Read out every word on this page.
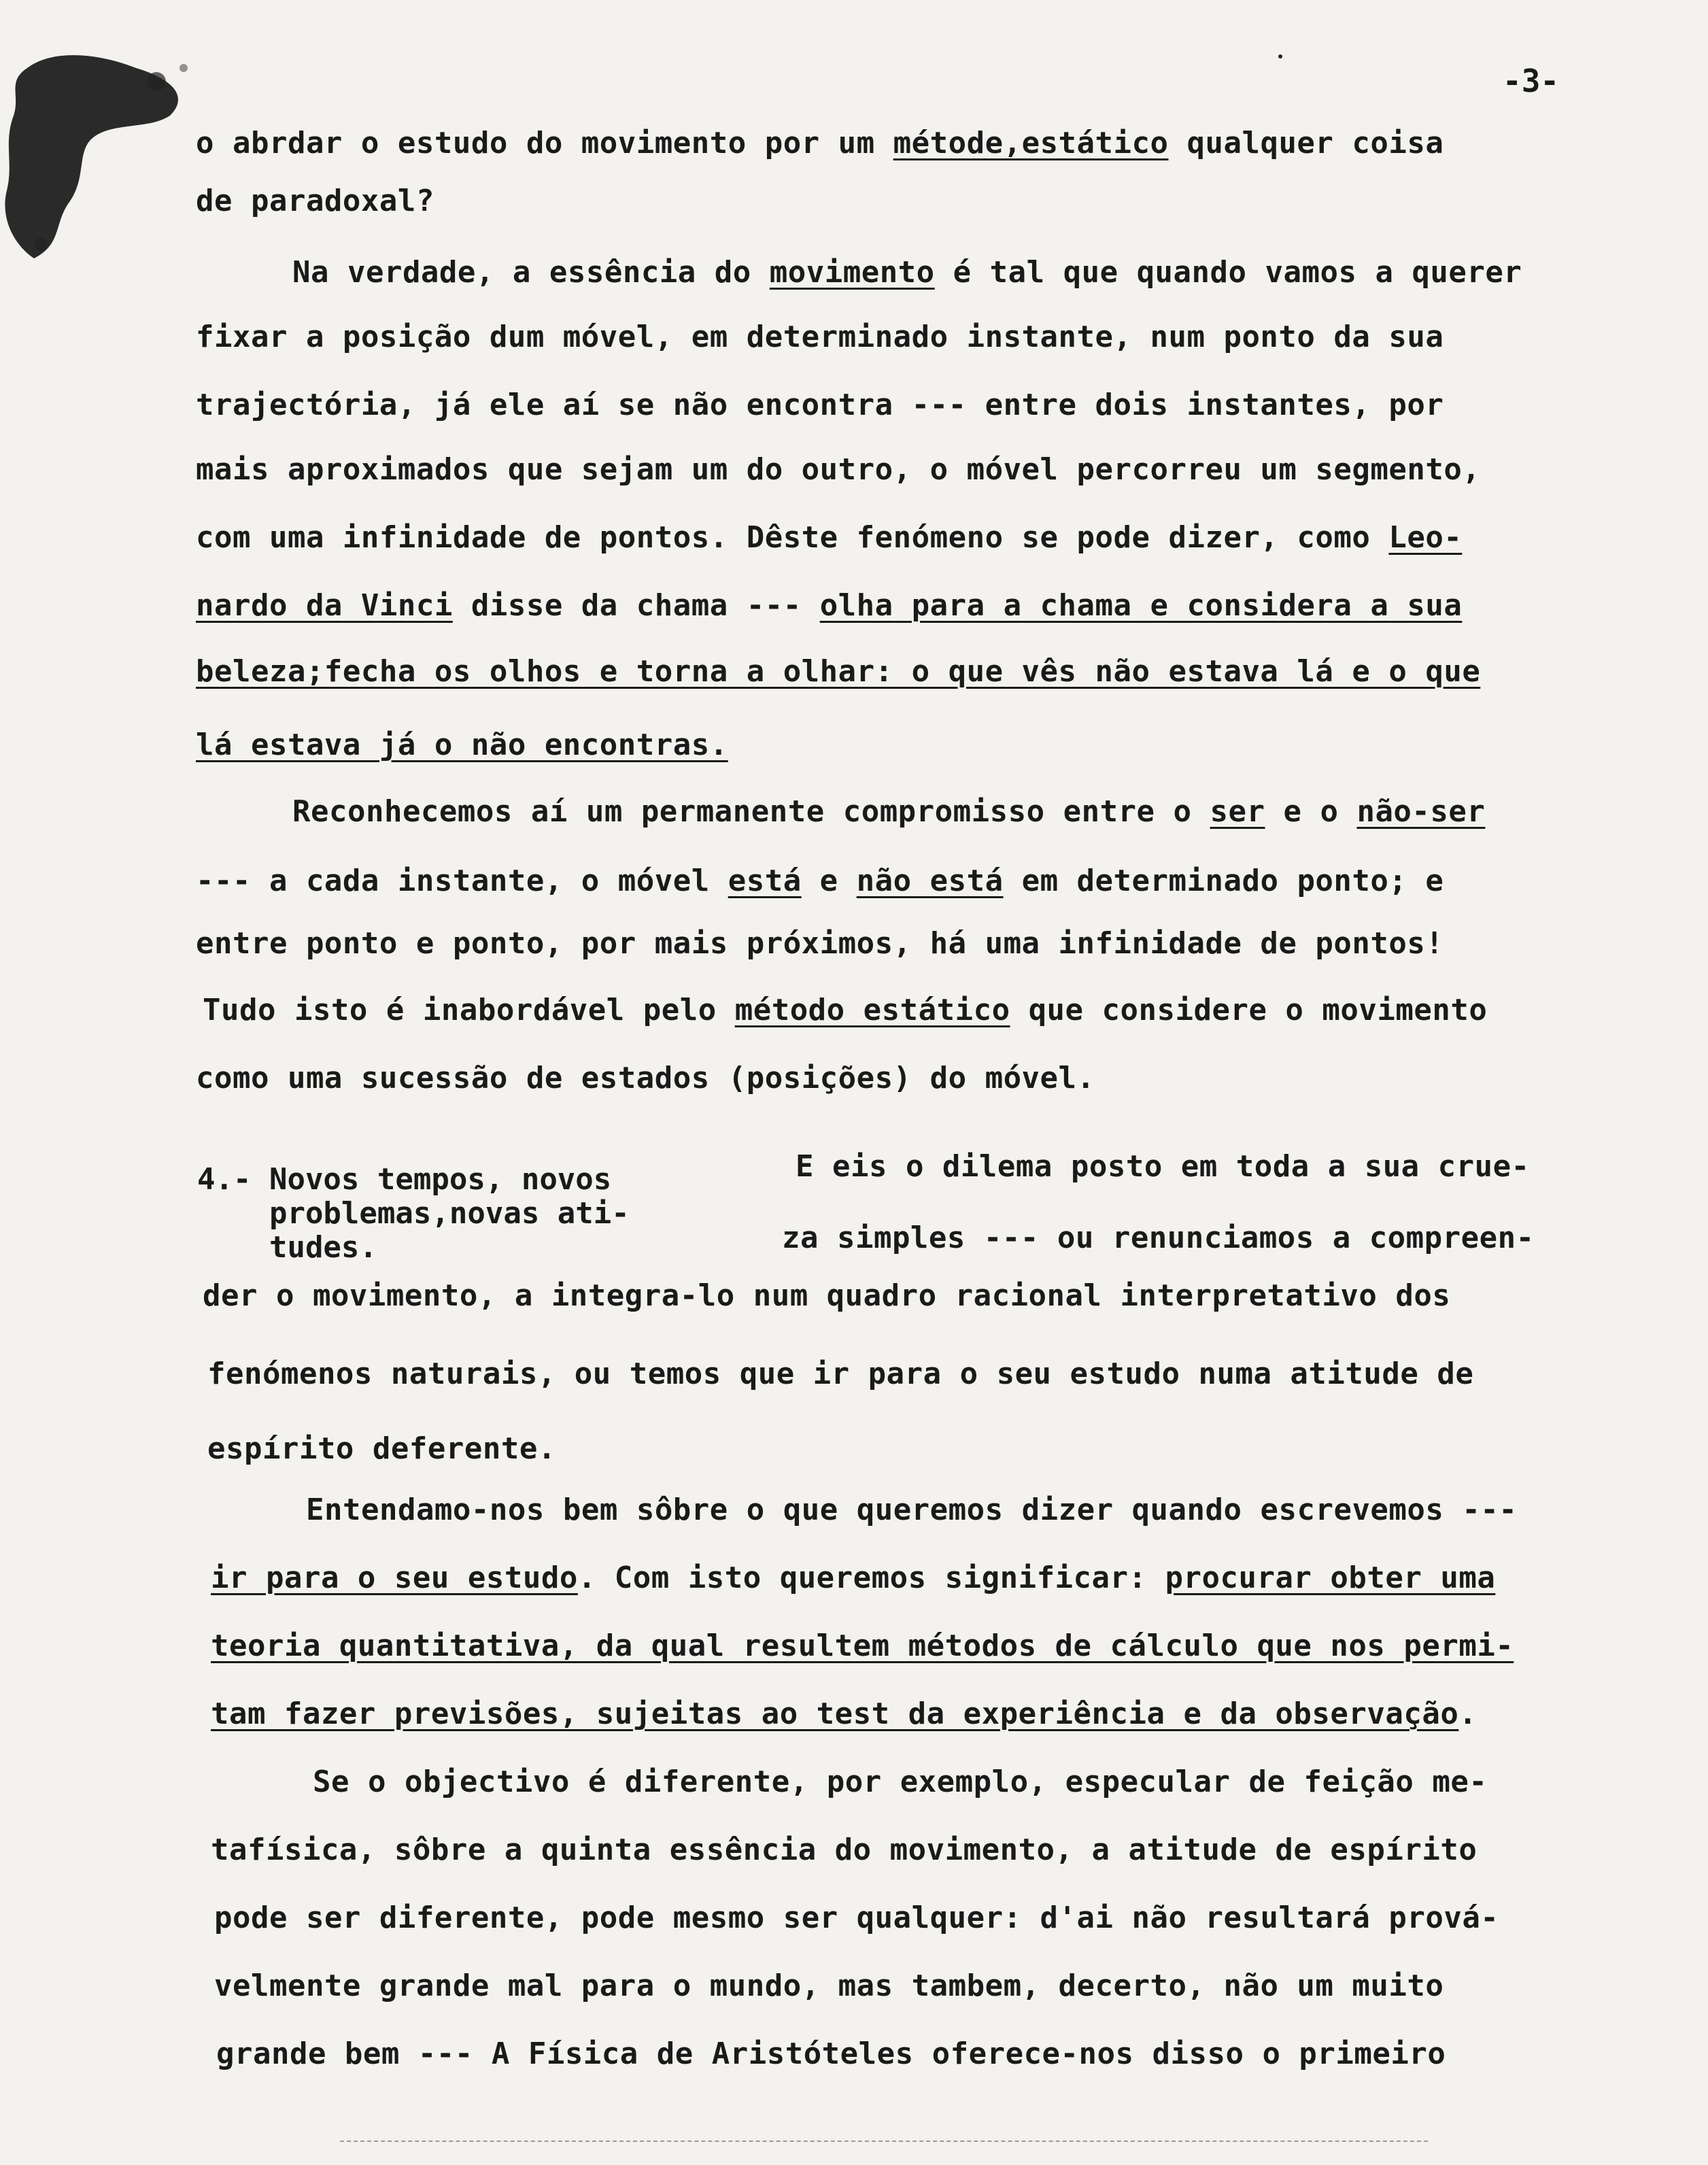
-3-
o abrdar o estudo do movimento por um métode,estático qualquer coisa
de paradoxal?
Na verdade, a essência do movimento é tal que quando vamos a querer
fixar a posição dum móvel, em determinado instante, num ponto da sua
trajectória, já ele aí se não encontra --- entre dois instantes, por
mais aproximados que sejam um do outro, o móvel percorreu um segmento,
com uma infinidade de pontos. Dêste fenómeno se pode dizer, como Leo-
nardo da Vinci disse da chama --- olha para a chama e considera a sua
beleza;fecha os olhos e torna a olhar: o que vês não estava lá e o que
lá estava já o não encontras.
Reconhecemos aí um permanente compromisso entre o ser e o não-ser
--- a cada instante, o móvel está e não está em determinado ponto; e
entre ponto e ponto, por mais próximos, há uma infinidade de pontos!
Tudo isto é inabordável pelo método estático que considere o movimento
como uma sucessão de estados (posições) do móvel.
E eis o dilema posto em toda a sua crue-
za simples --- ou renunciamos a compreen-
der o movimento, a integra-lo num quadro racional interpretativo dos
fenómenos naturais, ou temos que ir para o seu estudo numa atitude de
espírito deferente.
Entendamo-nos bem sôbre o que queremos dizer quando escrevemos ---
ir para o seu estudo. Com isto queremos significar: procurar obter uma
teoria quantitativa, da qual resultem métodos de cálculo que nos permi-
tam fazer previsões, sujeitas ao test da experiência e da observação.
Se o objectivo é diferente, por exemplo, especular de feição me-
tafísica, sôbre a quinta essência do movimento, a atitude de espírito
pode ser diferente, pode mesmo ser qualquer: d'ai não resultará prová-
velmente grande mal para o mundo, mas tambem, decerto, não um muito
grande bem --- A Física de Aristóteles oferece-nos disso o primeiro
4.- Novos tempos, novos
problemas,novas ati-
tudes.
